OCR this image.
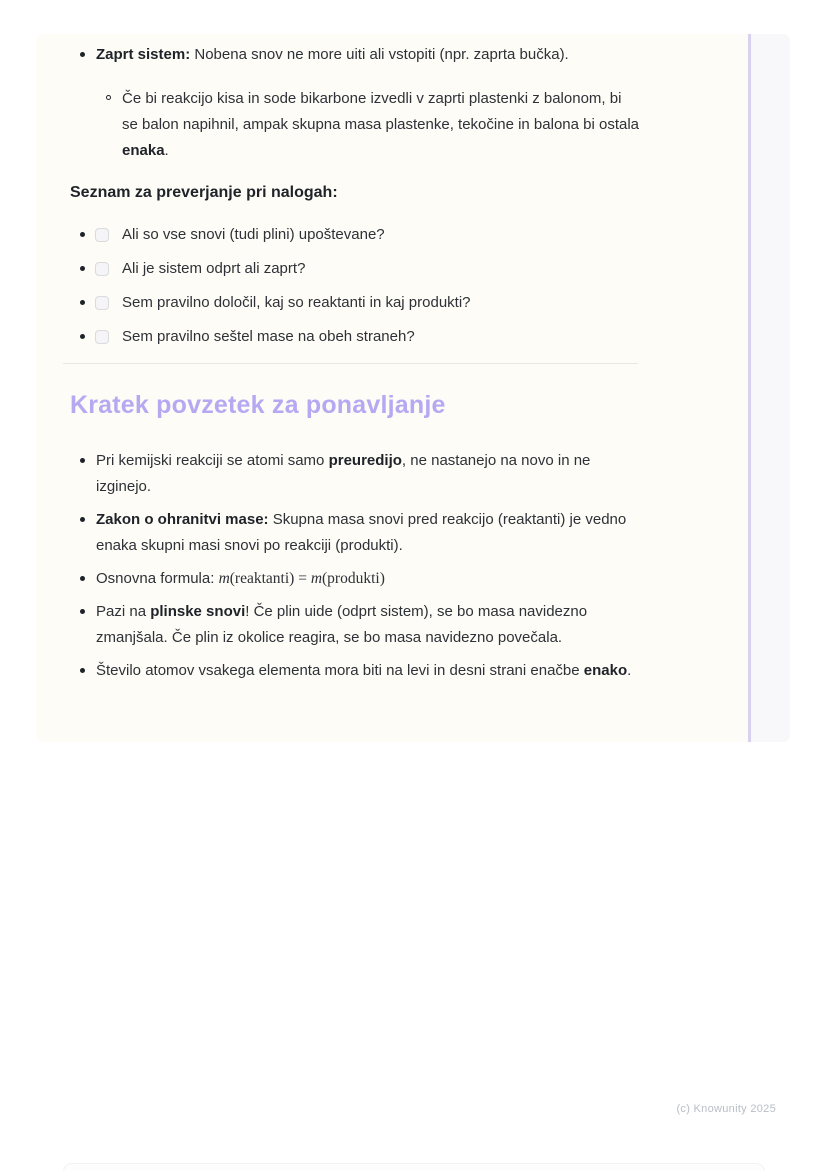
Zaprt sistem: Nobena snov ne more uiti ali vstopiti (npr. zaprta bučka).
Če bi reakcijo kisa in sode bikarbone izvedli v zaprti plastenki z balonom, bi se balon napihnil, ampak skupna masa plastenke, tekočine in balona bi ostala enaka.

Seznam za preverjanje pri nalogah:

Ali so vse snovi (tudi plini) upoštevane?
Ali je sistem odprt ali zaprt?
Sem pravilno določil, kaj so reaktanti in kaj produkti?
Sem pravilno seštel mase na obeh straneh?
Kratek povzetek za ponavljanje
Pri kemijski reakciji se atomi samo preuredijo, ne nastanejo na novo in ne izginejo.
Zakon o ohranitvi mase: Skupna masa snovi pred reakcijo (reaktanti) je vedno enaka skupni masi snovi po reakciji (produkti).
Osnovna formula: m(reaktanti) = m(produkti)
Pazi na plinske snovi! Če plin uide (odprt sistem), se bo masa navidezno zmanjšala. Če plin iz okolice reagira, se bo masa navidezno povečala.
Število atomov vsakega elementa mora biti na levi in desni strani enačbe enako.
(c) Knowunity 2025
